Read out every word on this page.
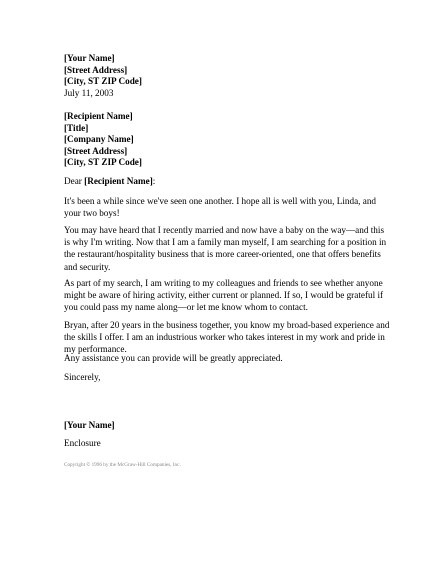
[Your Name]
[Street Address]
[City, ST ZIP Code]
July 11, 2003
[Recipient Name]
[Title]
[Company Name]
[Street Address]
[City, ST ZIP Code]
Dear [Recipient Name]:

It's been a while since we've seen one another. I hope all is well with you, Linda, and your two boys!

You may have heard that I recently married and now have a baby on the way—and this is why I'm writing. Now that I am a family man myself, I am searching for a position in the restaurant/hospitality business that is more career-oriented, one that offers benefits and security.

As part of my search, I am writing to my colleagues and friends to see whether anyone might be aware of hiring activity, either current or planned. If so, I would be grateful if you could pass my name along—or let me know whom to contact.

Bryan, after 20 years in the business together, you know my broad-based experience and the skills I offer. I am an industrious worker who takes interest in my work and pride in my performance.

Any assistance you can provide will be greatly appreciated.

Sincerely,
[Your Name]
Enclosure
Copyright © 1996 by the McGraw-Hill Companies, Inc.
